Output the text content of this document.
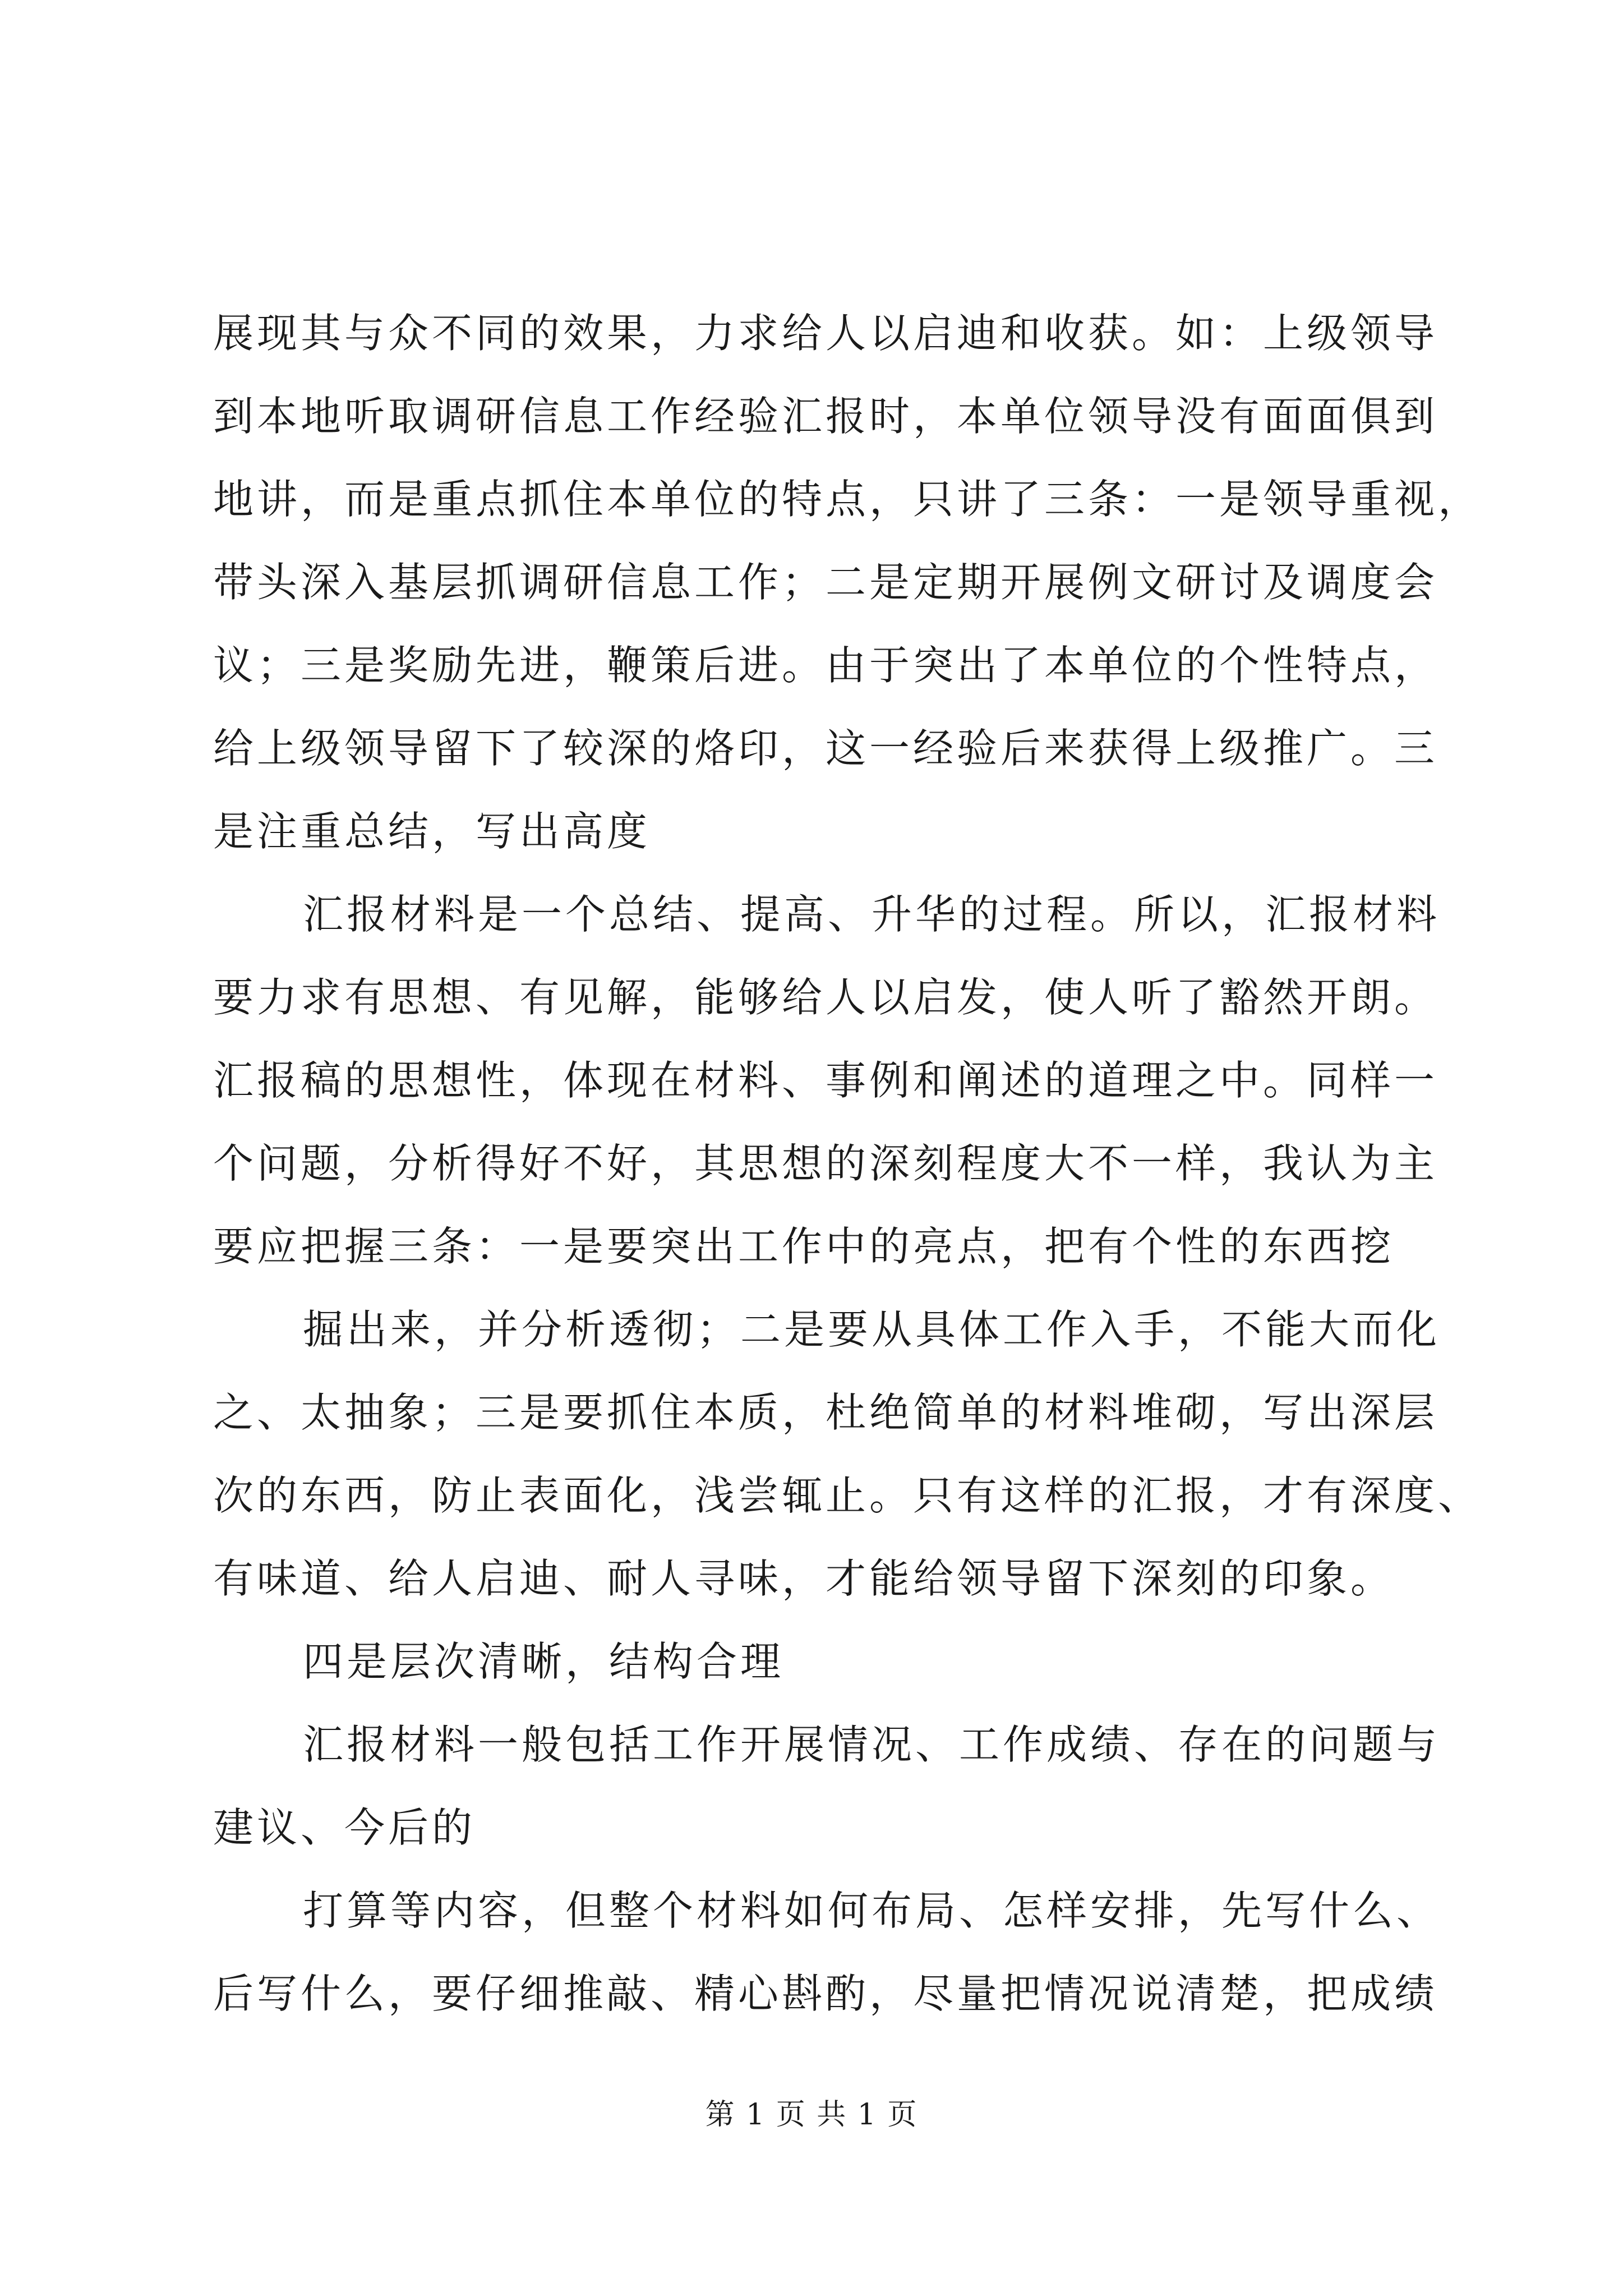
展现其与众不同的效果，力求给人以启迪和收获。如：上级领导
到本地听取调研信息工作经验汇报时，本单位领导没有面面俱到
地讲，而是重点抓住本单位的特点，只讲了三条：一是领导重视，
带头深入基层抓调研信息工作；二是定期开展例文研讨及调度会
议；三是奖励先进，鞭策后进。由于突出了本单位的个性特点，
给上级领导留下了较深的烙印，这一经验后来获得上级推广。三
是注重总结，写出高度
汇报材料是一个总结、提高、升华的过程。所以，汇报材料
要力求有思想、有见解，能够给人以启发，使人听了豁然开朗。
汇报稿的思想性，体现在材料、事例和阐述的道理之中。同样一
个问题，分析得好不好，其思想的深刻程度大不一样，我认为主
要应把握三条：一是要突出工作中的亮点，把有个性的东西挖
掘出来，并分析透彻；二是要从具体工作入手，不能大而化
之、太抽象；三是要抓住本质，杜绝简单的材料堆砌，写出深层
次的东西，防止表面化，浅尝辄止。只有这样的汇报，才有深度、
有味道、给人启迪、耐人寻味，才能给领导留下深刻的印象。
四是层次清晰，结构合理
汇报材料一般包括工作开展情况、工作成绩、存在的问题与
建议、今后的
打算等内容，但整个材料如何布局、怎样安排，先写什么、
后写什么，要仔细推敲、精心斟酌，尽量把情况说清楚，把成绩
第 1 页 共 1 页
